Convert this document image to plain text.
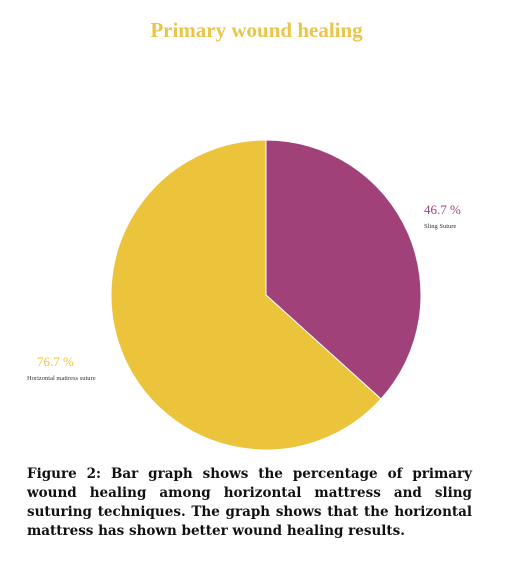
Primary wound healing
46.7 %
Sling Suture
76.7 %
Horizontal mattress suture

Figure 2: Bar graph shows the percentage of primary wound healing among horizontal mattress and sling suturing techniques. The graph shows that the horizontal mattress has shown better wound healing results.
